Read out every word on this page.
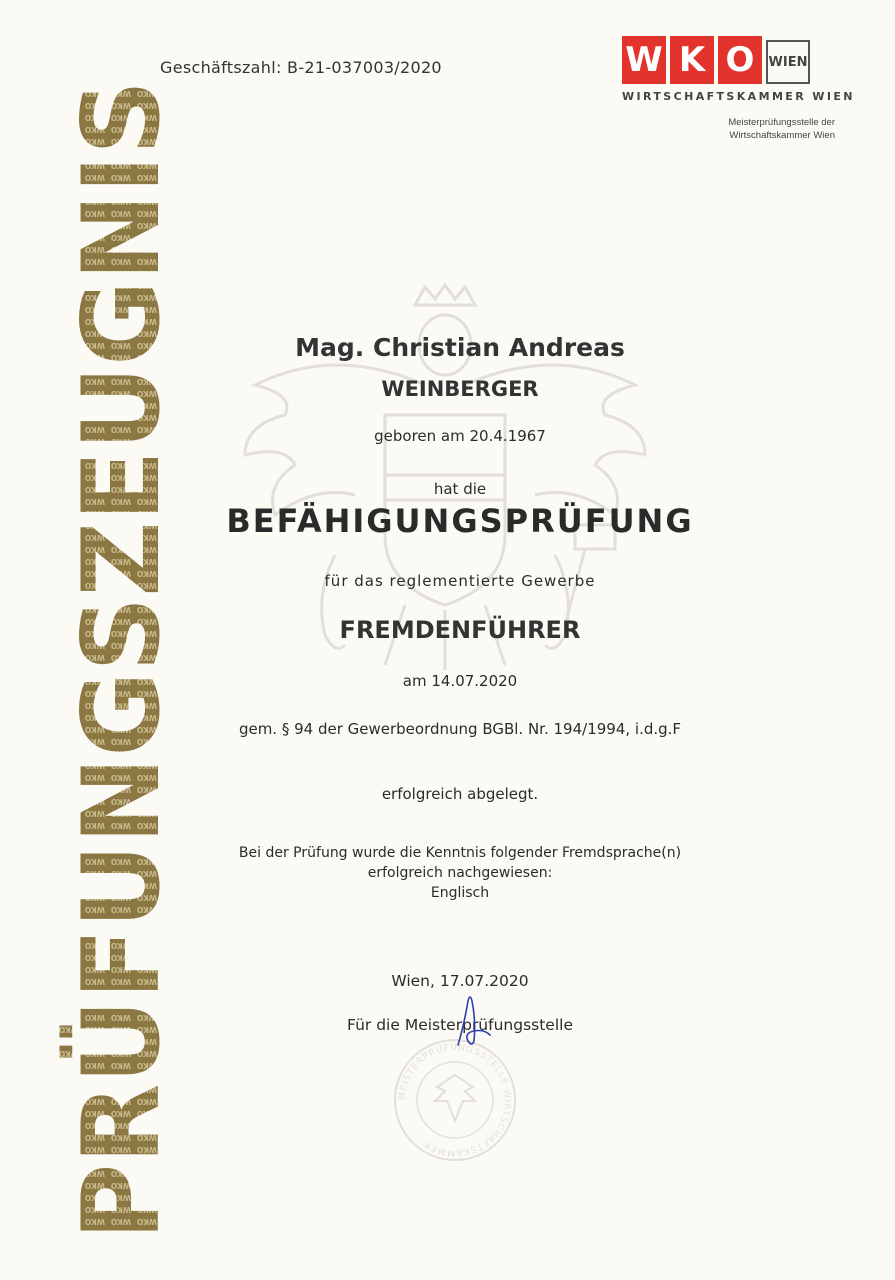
PRÜFUNGSZEUGNIS
Geschäftszahl: B-21-037003/2020	W K O	WIEN
WIRTSCHAFTSKAMMER WIEN
Meisterprüfungsstelle der
Wirtschaftskammer Wien
Mag. Christian Andreas
WEINBERGER
geboren am 20.4.1967
hat die
BEFÄHIGUNGSPRÜFUNG
für das reglementierte Gewerbe
FREMDENFÜHRER
am 14.07.2020
gem. § 94 der Gewerbeordnung BGBl. Nr. 194/1994, i.d.g.F
erfolgreich abgelegt.
Bei der Prüfung wurde die Kenntnis folgender Fremdsprache(n)
erfolgreich nachgewiesen:
Englisch
Wien, 17.07.2020
Für die Meisterprüfungsstelle
MEISTERPRÜFUNGSSTELLE WIRTSCHAFTSKAMMER
